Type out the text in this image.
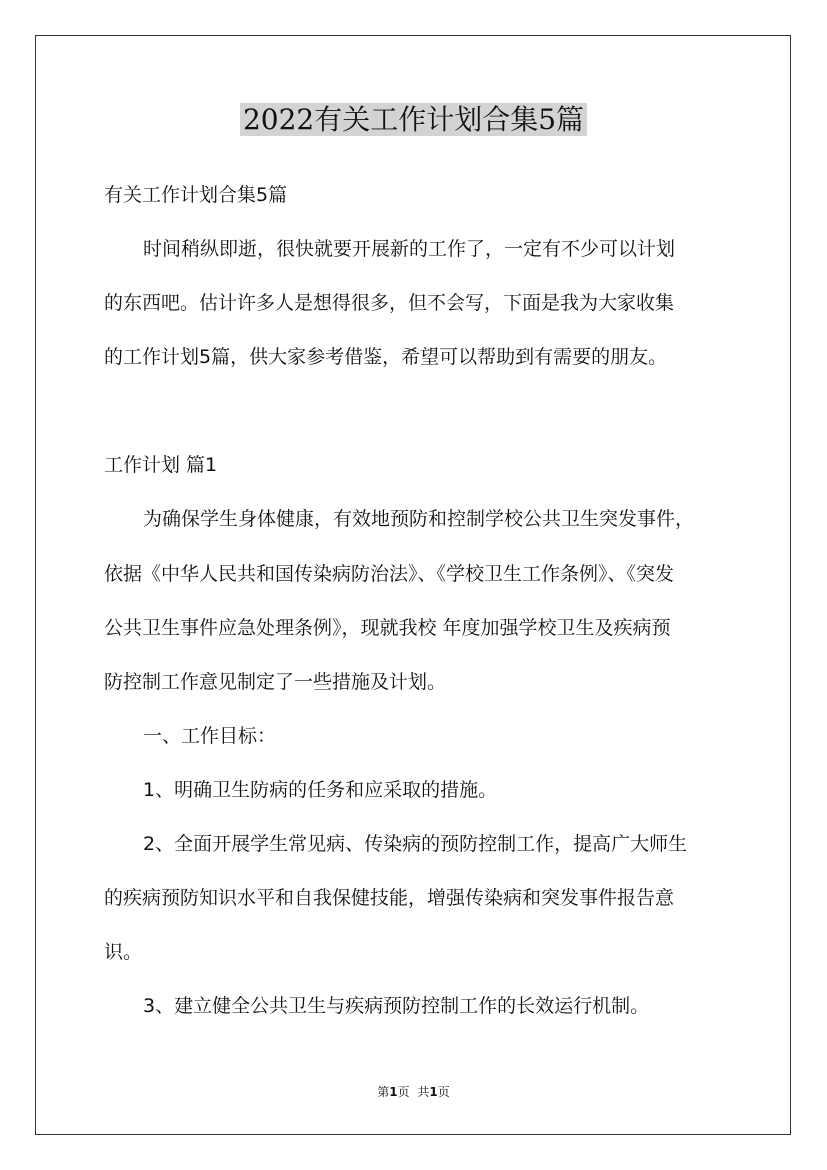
2022有关工作计划合集5篇
有关工作计划合集5篇
时间稍纵即逝，很快就要开展新的工作了，一定有不少可以计划
的东西吧。估计许多人是想得很多，但不会写，下面是我为大家收集
的工作计划5篇，供大家参考借鉴，希望可以帮助到有需要的朋友。
工作计划 篇1
为确保学生身体健康，有效地预防和控制学校公共卫生突发事件，
依据《中华人民共和国传染病防治法》、《学校卫生工作条例》、《突发
公共卫生事件应急处理条例》，现就我校 年度加强学校卫生及疾病预
防控制工作意见制定了一些措施及计划。
一、工作目标：
1、明确卫生防病的任务和应采取的措施。
2、全面开展学生常见病、传染病的预防控制工作，提高广大师生
的疾病预防知识水平和自我保健技能，增强传染病和突发事件报告意
识。
3、建立健全公共卫生与疾病预防控制工作的长效运行机制。
第1页 共1页
